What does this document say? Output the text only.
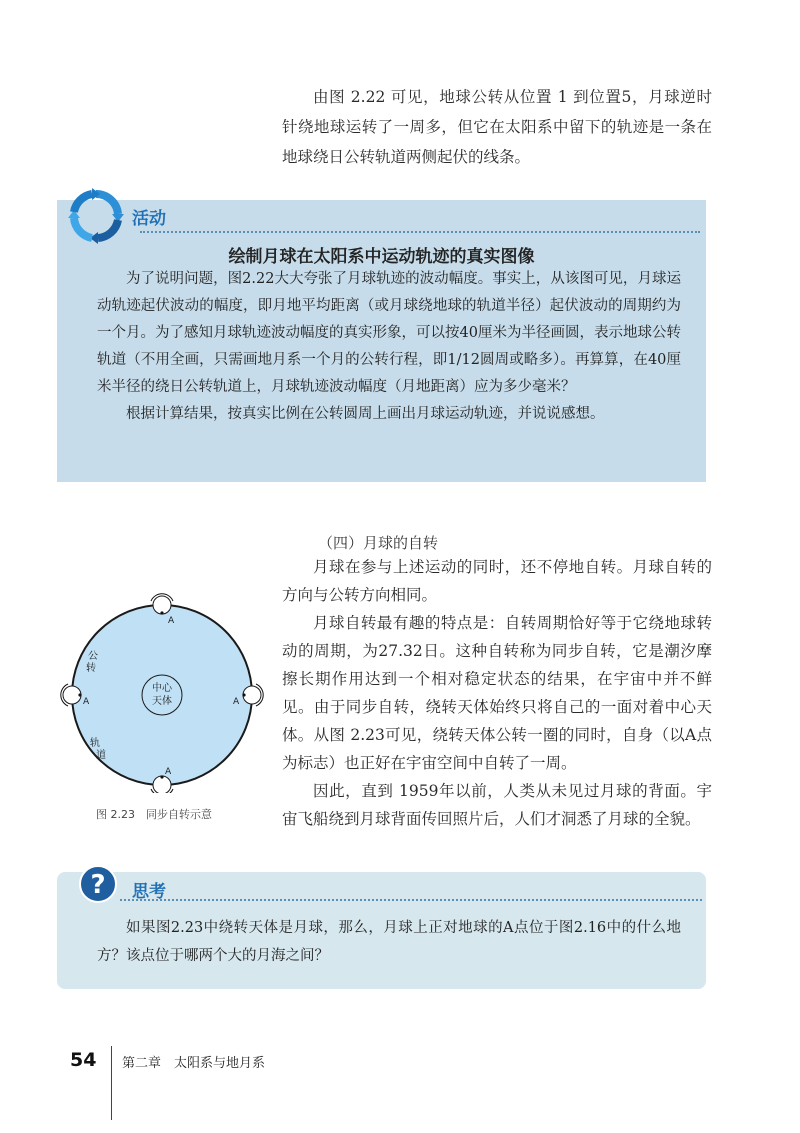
由图 2.22 可见，地球公转从位置 1 到位置5，月球逆时针绕地球运转了一周多，但它在太阳系中留下的轨迹是一条在地球绕日公转轨道两侧起伏的线条。

活动
绘制月球在太阳系中运动轨迹的真实图像

为了说明问题，图2.22大大夸张了月球轨迹的波动幅度。事实上，从该图可见，月球运动轨迹起伏波动的幅度，即月地平均距离（或月球绕地球的轨道半径）起伏波动的周期约为一个月。为了感知月球轨迹波动幅度的真实形象，可以按40厘米为半径画圆，表示地球公转轨道（不用全画，只需画地月系一个月的公转行程，即1/12圆周或略多）。再算算，在40厘米半径的绕日公转轨道上，月球轨迹波动幅度（月地距离）应为多少毫米？

根据计算结果，按真实比例在公转圆周上画出月球运动轨迹，并说说感想。

中心
天体
A
A
A	A
公
转
轨
道
图 2.23　同步自转示意
（四）月球的自转

月球在参与上述运动的同时，还不停地自转。月球自转的方向与公转方向相同。

月球自转最有趣的特点是：自转周期恰好等于它绕地球转动的周期，为27.32日。这种自转称为同步自转，它是潮汐摩擦长期作用达到一个相对稳定状态的结果，在宇宙中并不鲜见。由于同步自转，绕转天体始终只将自己的一面对着中心天体。从图 2.23可见，绕转天体公转一圈的同时，自身（以A点为标志）也正好在宇宙空间中自转了一周。

因此，直到 1959年以前，人类从未见过月球的背面。宇宙飞船绕到月球背面传回照片后，人们才洞悉了月球的全貌。

? 思考

如果图2.23中绕转天体是月球，那么，月球上正对地球的A点位于图2.16中的什么地方？该点位于哪两个大的月海之间？

54 第二章　太阳系与地月系
